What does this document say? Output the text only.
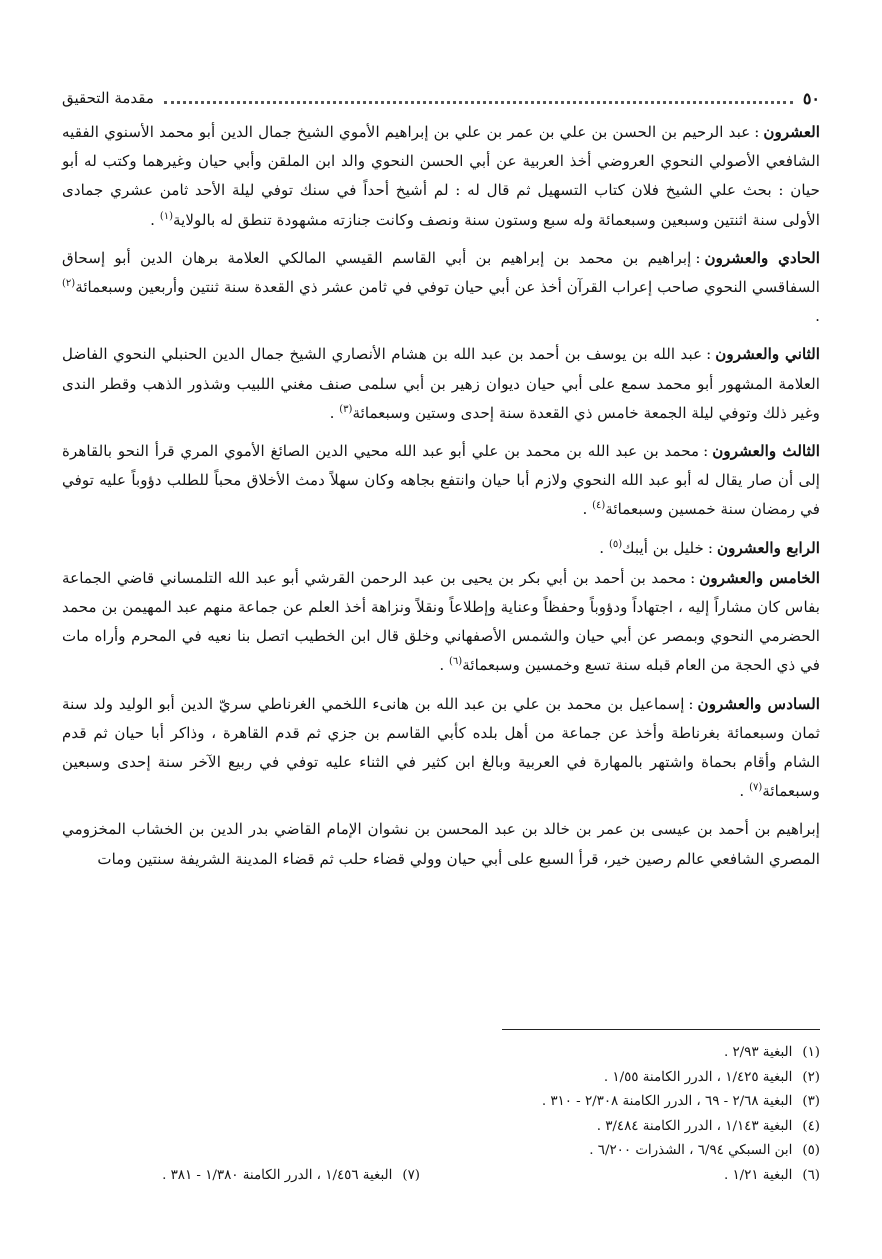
٥٠
مقدمة التحقيق

العشرون:عبد الرحيم بن الحسن بن علي بن عمر بن علي بن إبراهيم الأموي الشيخ جمال الدين أبو محمد الأسنوي الفقيه الشافعي الأصولي النحوي العروضي أخذ العربية عن أبي الحسن النحوي والد ابن الملقن وأبي حيان وغيرهما وكتب له أبو حيان : بحث علي الشيخ فلان كتاب التسهيل ثم قال له : لم أشيخ أحداً في سنك توفي ليلة الأحد ثامن عشري جمادى الأولى سنة اثنتين وسبعين وسبعمائة وله سبع وستون سنة ونصف وكانت جنازته مشهودة تنطق له بالولاية$^{(١)}$ .

الحادي والعشرون:إبراهيم بن محمد بن إبراهيم بن أبي القاسم القيسي المالكي العلامة برهان الدين أبو إسحاق السفاقسي النحوي صاحب إعراب القرآن أخذ عن أبي حيان توفي في ثامن عشر ذي القعدة سنة ثنتين وأربعين وسبعمائة$^{(٢)}$ .

الثاني والعشرون:عبد الله بن يوسف بن أحمد بن عبد الله بن هشام الأنصاري الشيخ جمال الدين الحنبلي النحوي الفاضل العلامة المشهور أبو محمد سمع على أبي حيان ديوان زهير بن أبي سلمى صنف مغني اللبيب وشذور الذهب وقطر الندى وغير ذلك وتوفي ليلة الجمعة خامس ذي القعدة سنة إحدى وستين وسبعمائة$^{(٣)}$ .

الثالث والعشرون:محمد بن عبد الله بن محمد بن علي أبو عبد الله محيي الدين الصائغ الأموي المري قرأ النحو بالقاهرة إلى أن صار يقال له أبو عبد الله النحوي ولازم أبا حيان وانتفع بجاهه وكان سهلاً دمث الأخلاق محباً للطلب دؤوباً عليه توفي في رمضان سنة خمسين وسبعمائة$^{(٤)}$ .

الرابع والعشرون:خليل بن أيبك$^{(٥)}$ .

الخامس والعشرون:محمد بن أحمد بن أبي بكر بن يحيى بن عبد الرحمن القرشي أبو عبد الله التلمساني قاضي الجماعة بفاس كان مشاراً إليه ، اجتهاداً ودؤوباً وحفظاً وعناية وإطلاعاً ونقلاً ونزاهة أخذ العلم عن جماعة منهم عبد المهيمن بن محمد الحضرمي النحوي وبمصر عن أبي حيان والشمس الأصفهاني وخلق قال ابن الخطيب اتصل بنا نعيه في المحرم وأراه مات في ذي الحجة من العام قبله سنة تسع وخمسين وسبعمائة$^{(٦)}$ .

السادس والعشرون:إسماعيل بن محمد بن علي بن عبد الله بن هانىء اللخمي الغرناطي سريّ الدين أبو الوليد ولد سنة ثمان وسبعمائة بغرناطة وأخذ عن جماعة من أهل بلده كأبي القاسم بن جزي ثم قدم القاهرة ، وذاكر أبا حيان ثم قدم الشام وأقام بحماة واشتهر بالمهارة في العربية وبالغ ابن كثير في الثناء عليه توفي في ربيع الآخر سنة إحدى وسبعين وسبعمائة$^{(٧)}$ .

إبراهيم بن أحمد بن عيسى بن عمر بن خالد بن عبد المحسن بن نشوان الإمام القاضي بدر الدين بن الخشاب المخزومي المصري الشافعي عالم رصين خير، قرأ السبع على أبي حيان وولي قضاء حلب ثم قضاء المدينة الشريفة سنتين ومات

(١)البغية ٢/٩٣ .
(٢)البغية ١/٤٢٥ ، الدرر الكامنة ١/٥٥ .
(٣)البغية ٢/٦٨ - ٦٩ ، الدرر الكامنة ٢/٣٠٨ - ٣١٠ .
(٤)البغية ١/١٤٣ ، الدرر الكامنة ٣/٤٨٤ .
(٥)ابن السبكي ٦/٩٤ ، الشذرات ٦/٢٠٠ .
(٦)البغية ١/٢١ .
(٧)البغية ١/٤٥٦ ، الدرر الكامنة ١/٣٨٠ - ٣٨١ .
